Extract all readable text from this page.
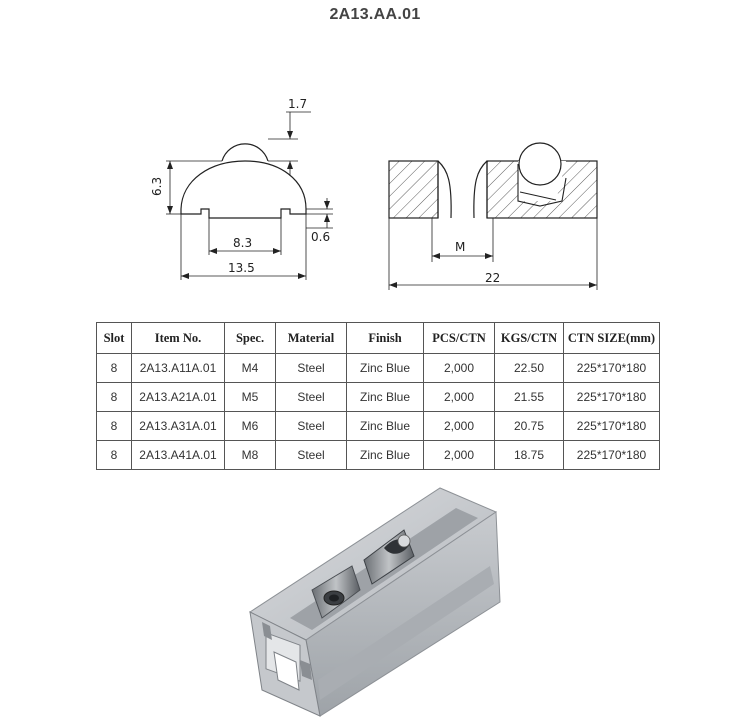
2A13.AA.01
1.7
6.3
8.3	0.6
13.5
M
22
Slot	Item No.	Spec.	Material	Finish	PCS/CTN	KGS/CTN	CTN SIZE(mm)
8	2A13.A11A.01	M4	Steel	Zinc Blue	2,000	22.50	225*170*180
8	2A13.A21A.01	M5	Steel	Zinc Blue	2,000	21.55	225*170*180
8	2A13.A31A.01	M6	Steel	Zinc Blue	2,000	20.75	225*170*180
8	2A13.A41A.01	M8	Steel	Zinc Blue	2,000	18.75	225*170*180
